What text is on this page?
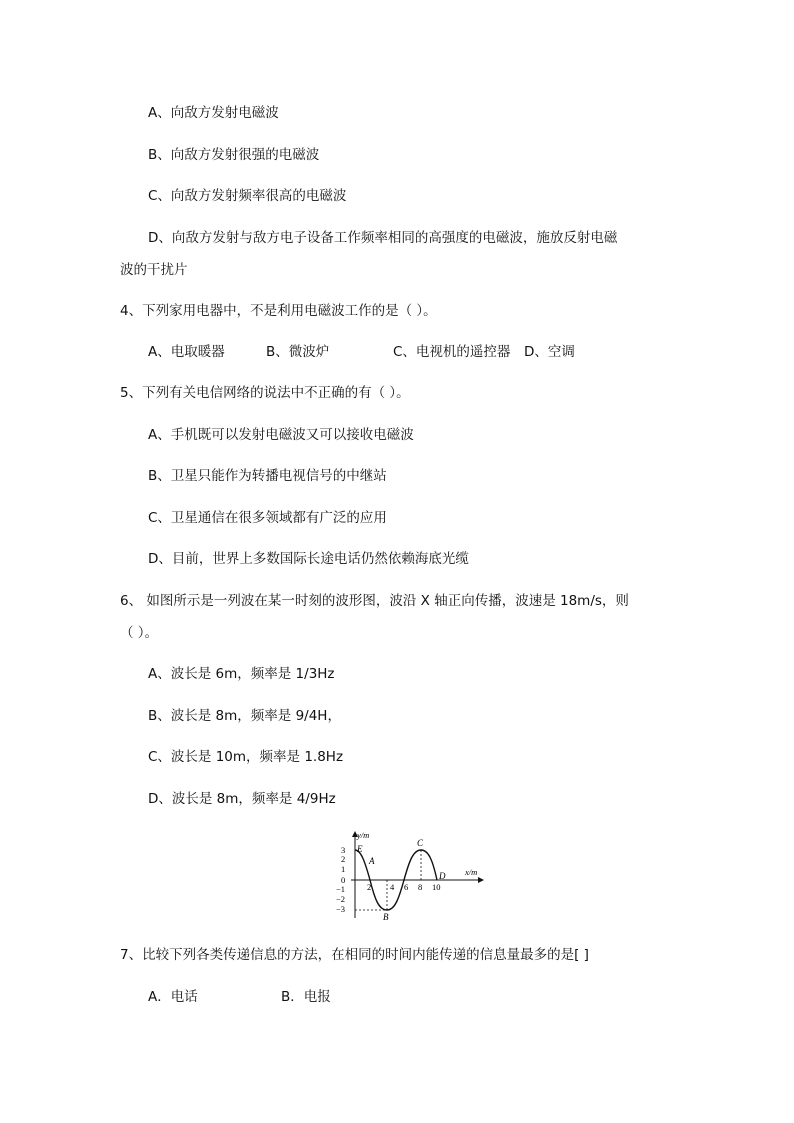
A、向敌方发射电磁波
B、向敌方发射很强的电磁波
C、向敌方发射频率很高的电磁波
D、向敌方发射与敌方电子设备工作频率相同的高强度的电磁波，施放反射电磁
波的干扰片
4、下列家用电器中，不是利用电磁波工作的是（ ）。
A、电取暖器	B、微波炉	C、电视机的遥控器 D、空调
5、下列有关电信网络的说法中不正确的有（ ）。
A、手机既可以发射电磁波又可以接收电磁波
B、卫星只能作为转播电视信号的中继站
C、卫星通信在很多领域都有广泛的应用
D、目前，世界上多数国际长途电话仍然依赖海底光缆
6、 如图所示是一列波在某一时刻的波形图，波沿 X 轴正向传播，波速是 18m/s，则
（ ）。
A、波长是 6m，频率是 1/3Hz
B、波长是 8m，频率是 9/4H，
C、波长是 10m，频率是 1.8Hz
D、波长是 8m，频率是 4/9Hz
y/m
x/m
3
2
1
0
−1
−2
−3
2 4 6 8 10
E
A
B
C
D
7、比较下列各类传递信息的方法，在相同的时间内能传递的信息量最多的是[ ]
A．电话	B．电报
